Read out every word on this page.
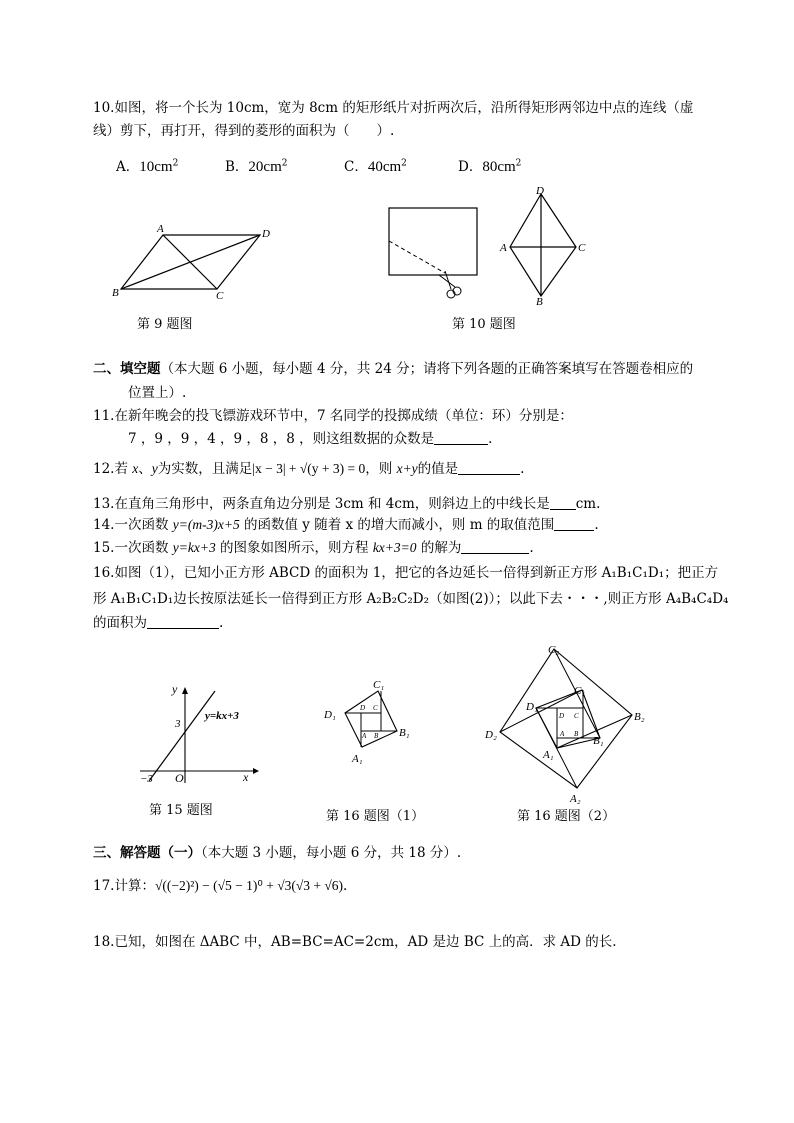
10.如图，将一个长为 10cm，宽为 8cm 的矩形纸片对折两次后，沿所得矩形两邻边中点的连线（虚
线）剪下，再打开，得到的菱形的面积为（　　）.
A．$10cm^2$	B．$20cm^2$	C．$40cm^2$	D．$80cm^2$
A	D
B	C
第 9 题图
D
A	C
B
第 10 题图
二、填空题（本大题 6 小题，每小题 4 分，共 24 分；请将下列各题的正确答案填写在答题卷相应的
位置上）.
11.在新年晚会的投飞镖游戏环节中，7 名同学的投掷成绩（单位：环）分别是：
7 ，9 ，9 ，4 ，9 ，8 ，8 ，则这组数据的众数是	.
12.若 x、y为实数，且满足|x − 3| + √(y + 3) = 0，则 x+y的值是	.
13.在直角三角形中，两条直角边分别是 3cm 和 4cm，则斜边上的中线长是 cm.
14.一次函数 y=(m-3)x+5 的函数值 y 随着 x 的增大而减小，则 m 的取值范围	.
15.一次函数 y=kx+3 的图象如图所示，则方程 kx+3=0 的解为	.
16.如图（1），已知小正方形 ABCD 的面积为 1，把它的各边延长一倍得到新正方形 A₁B₁C₁D₁；把正方
形 A₁B₁C₁D₁边长按原法延长一倍得到正方形 A₂B₂C₂D₂（如图(2)）；以此下去・・・,则正方形 A₄B₄C₄D₄
的面积为	.
y
x
O
3
−3
y=kx+3
第 15 题图
C₁
D₁
B₁
A₁
D C
A B
第 16 题图（1）
C₂
B₂
D₂
A₂
C₁
B₁
D₁
A₁
D C
A B
第 16 题图（2）
三、解答题（一）（本大题 3 小题，每小题 6 分，共 18 分）.
17.计算：√((−2)²) − (√5 − 1)⁰ + √3(√3 + √6).
18.已知，如图在 ΔABC 中，AB=BC=AC=2cm，AD 是边 BC 上的高．求 AD 的长.
